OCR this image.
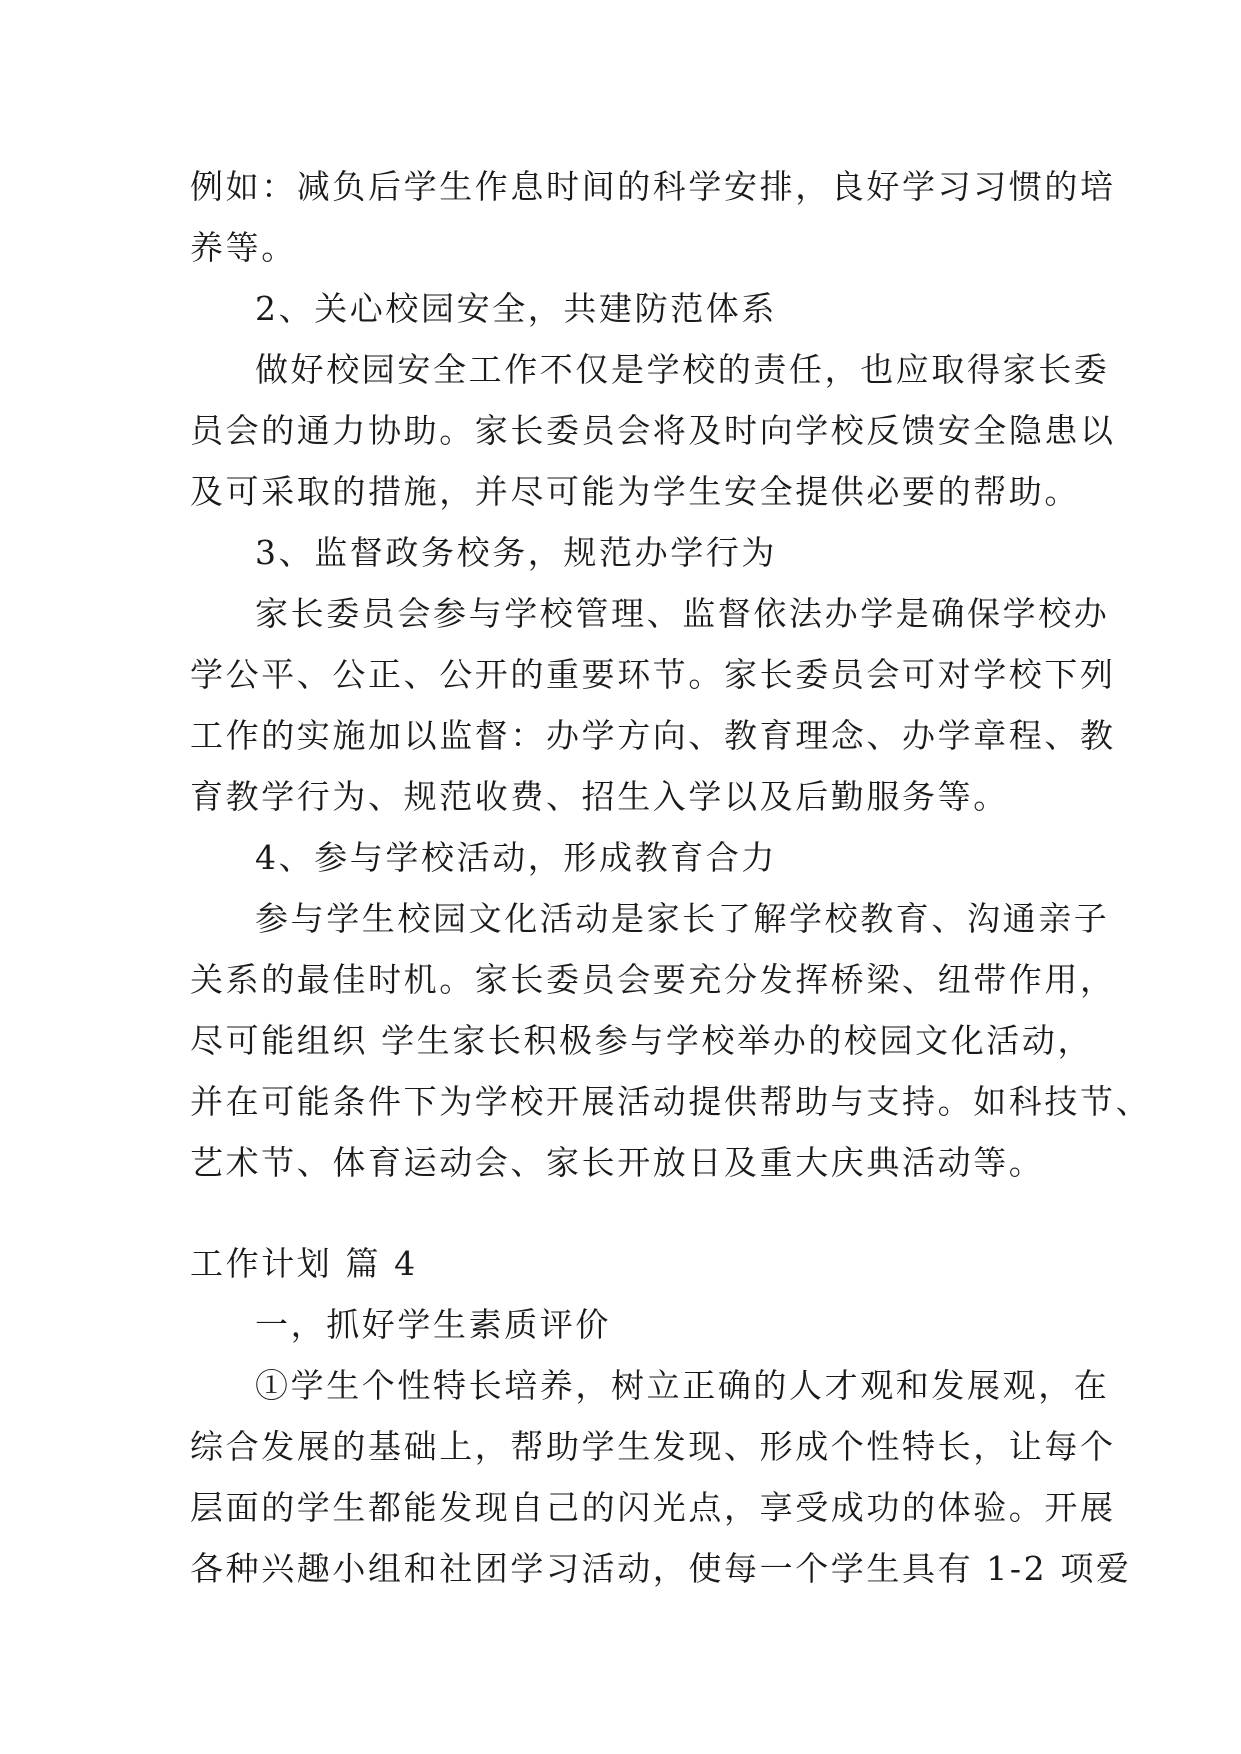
例如：减负后学生作息时间的科学安排，良好学习习惯的培
养等。
2、关心校园安全，共建防范体系
做好校园安全工作不仅是学校的责任，也应取得家长委
员会的通力协助。家长委员会将及时向学校反馈安全隐患以
及可采取的措施，并尽可能为学生安全提供必要的帮助。
3、监督政务校务，规范办学行为
家长委员会参与学校管理、监督依法办学是确保学校办
学公平、公正、公开的重要环节。家长委员会可对学校下列
工作的实施加以监督：办学方向、教育理念、办学章程、教
育教学行为、规范收费、招生入学以及后勤服务等。
4、参与学校活动，形成教育合力
参与学生校园文化活动是家长了解学校教育、沟通亲子
关系的最佳时机。家长委员会要充分发挥桥梁、纽带作用，
尽可能组织 学生家长积极参与学校举办的校园文化活动，
并在可能条件下为学校开展活动提供帮助与支持。如科技节、
艺术节、体育运动会、家长开放日及重大庆典活动等。
工作计划 篇 4
一，抓好学生素质评价
①学生个性特长培养，树立正确的人才观和发展观，在
综合发展的基础上，帮助学生发现、形成个性特长，让每个
层面的学生都能发现自己的闪光点，享受成功的体验。开展
各种兴趣小组和社团学习活动，使每一个学生具有 1-2 项爱
